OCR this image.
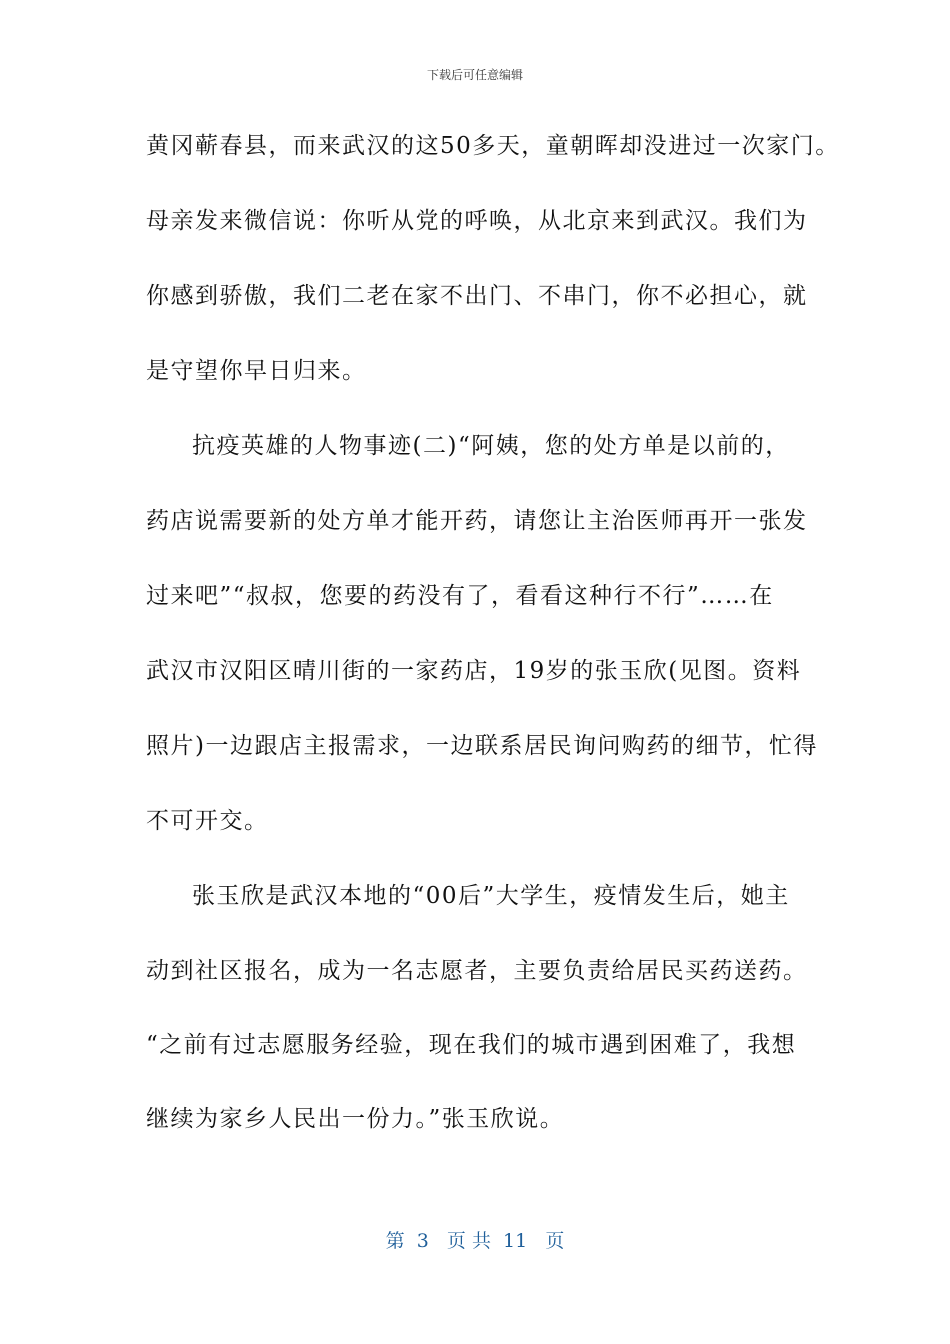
下载后可任意编辑
黄冈蕲春县，而来武汉的这50多天，童朝晖却没进过一次家门。
母亲发来微信说：你听从党的呼唤，从北京来到武汉。我们为
你感到骄傲，我们二老在家不出门、不串门，你不必担心，就
是守望你早日归来。
抗疫英雄的人物事迹(二)“阿姨，您的处方单是以前的，
药店说需要新的处方单才能开药，请您让主治医师再开一张发
过来吧”“叔叔，您要的药没有了，看看这种行不行”……在
武汉市汉阳区晴川街的一家药店，19岁的张玉欣(见图。资料
照片)一边跟店主报需求，一边联系居民询问购药的细节，忙得
不可开交。
张玉欣是武汉本地的“00后”大学生，疫情发生后，她主
动到社区报名，成为一名志愿者，主要负责给居民买药送药。
“之前有过志愿服务经验，现在我们的城市遇到困难了，我想
继续为家乡人民出一份力。”张玉欣说。
第  3   页 共  11   页
